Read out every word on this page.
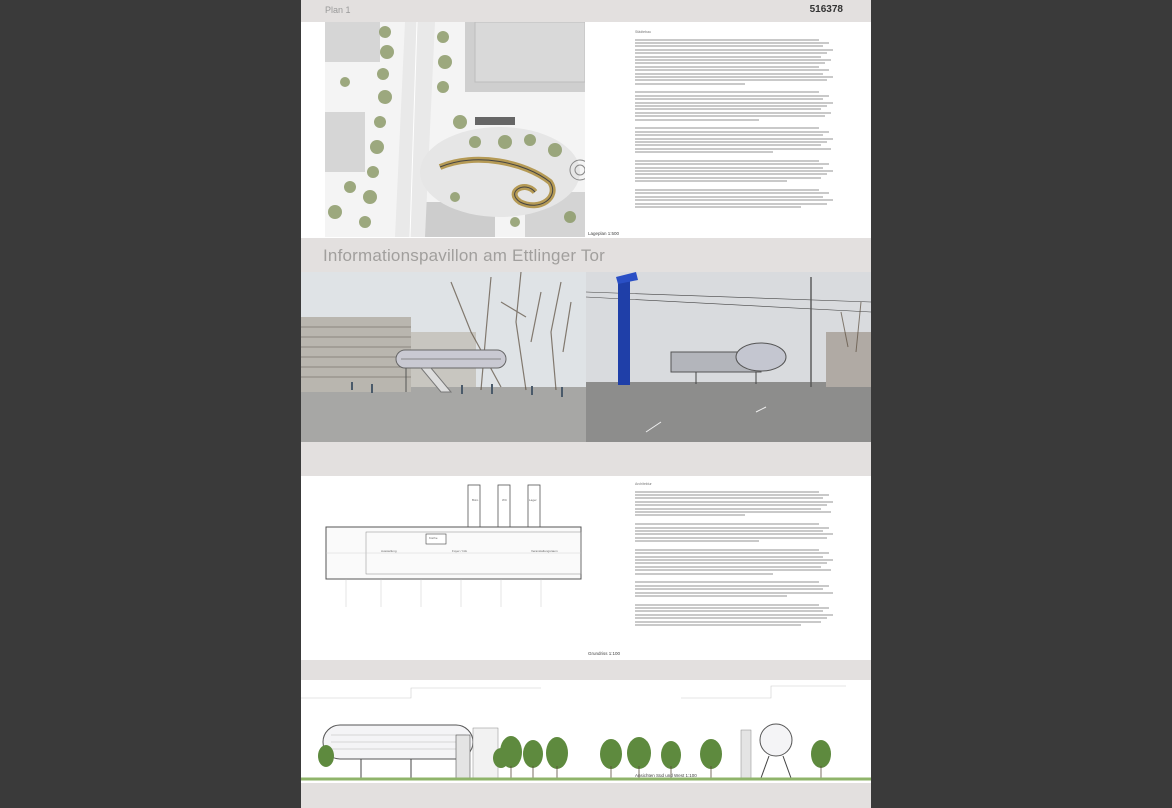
Plan 1	516378
Lageplan 1:500
Städtebau
Informationspavillon am Ettlinger Tor
Ausstellung	Foyer / Info	Veranstaltungsraum
Küche
Büro	WC	Lager
Grundriss 1:100
Architektur
Ansichten Süd und West 1:100
